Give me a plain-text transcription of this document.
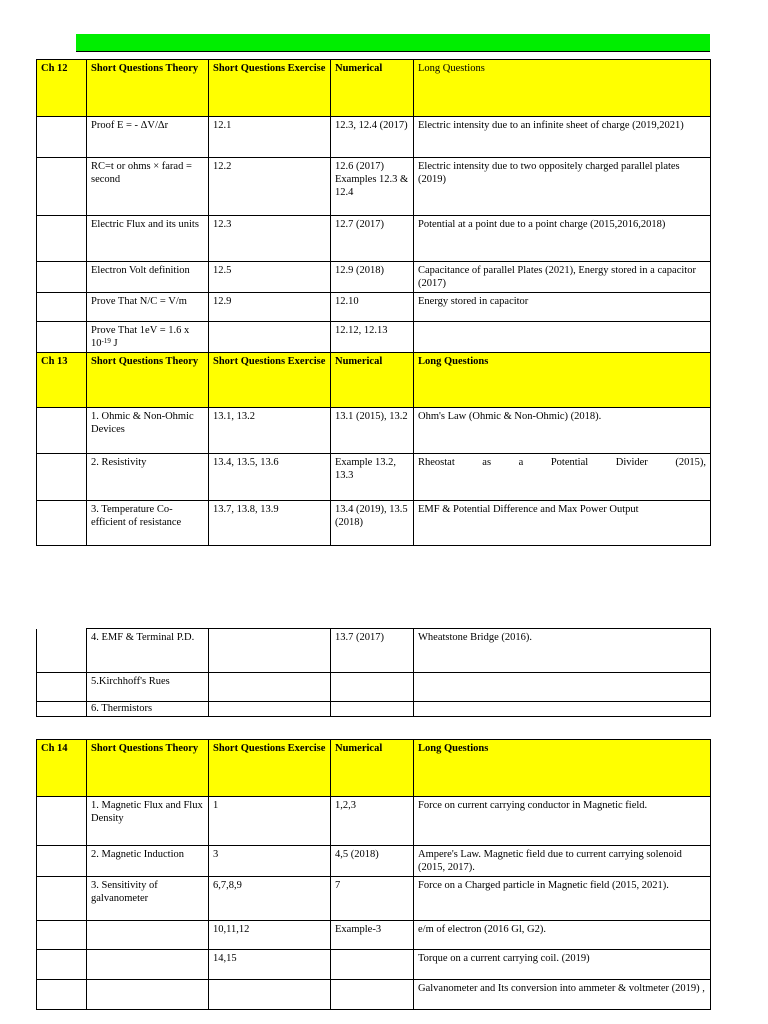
Ch 12	Short Questions Theory	Short Questions Exercise	Numerical	Long Questions
	Proof E = - ΔV/Δr	12.1	12.3, 12.4 (2017)	Electric intensity due to an infinite sheet of charge (2019,2021)
	RC=t or ohms × farad = second	12.2	12.6 (2017) Examples 12.3 & 12.4	Electric intensity due to two oppositely charged parallel plates (2019)
	Electric Flux and its units	12.3	12.7 (2017)	Potential at a point due to a point charge (2015,2016,2018)
	Electron Volt definition	12.5	12.9 (2018)	Capacitance of parallel Plates (2021), Energy stored in a capacitor (2017)
	Prove That N/C = V/m	12.9	12.10	Energy stored in capacitor
	Prove That 1eV = 1.6 x $10^{-19}$ J		12.12, 12.13	
Ch 13	Short Questions Theory	Short Questions Exercise	Numerical	Long Questions
	1. Ohmic & Non-Ohmic Devices	13.1, 13.2	13.1 (2015), 13.2	Ohm's Law (Ohmic & Non-Ohmic) (2018).
	2. Resistivity	13.4, 13.5, 13.6	Example 13.2, 13.3	Rheostat as a Potential Divider (2015),
	3. Temperature Co-efficient of resistance	13.7, 13.8, 13.9	13.4 (2019), 13.5 (2018)	EMF & Potential Difference and Max Power Output
	4. EMF & Terminal P.D.		13.7 (2017)	Wheatstone Bridge (2016).
	5.Kirchhoff's Rues			
	6. Thermistors			
Ch 14	Short Questions Theory	Short Questions Exercise	Numerical	Long Questions
	1. Magnetic Flux and Flux Density	1	1,2,3	Force on current carrying conductor in Magnetic field.
	2. Magnetic Induction	3	4,5 (2018)	Ampere's Law. Magnetic field due to current carrying solenoid (2015, 2017).
	3. Sensitivity of galvanometer	6,7,8,9	7	Force on a Charged particle in Magnetic field (2015, 2021).
		10,11,12	Example-3	e/m of electron (2016 Gl, G2).
		14,15		Torque on a current carrying coil. (2019)
				Galvanometer and Its conversion into ammeter & voltmeter (2019) ,
